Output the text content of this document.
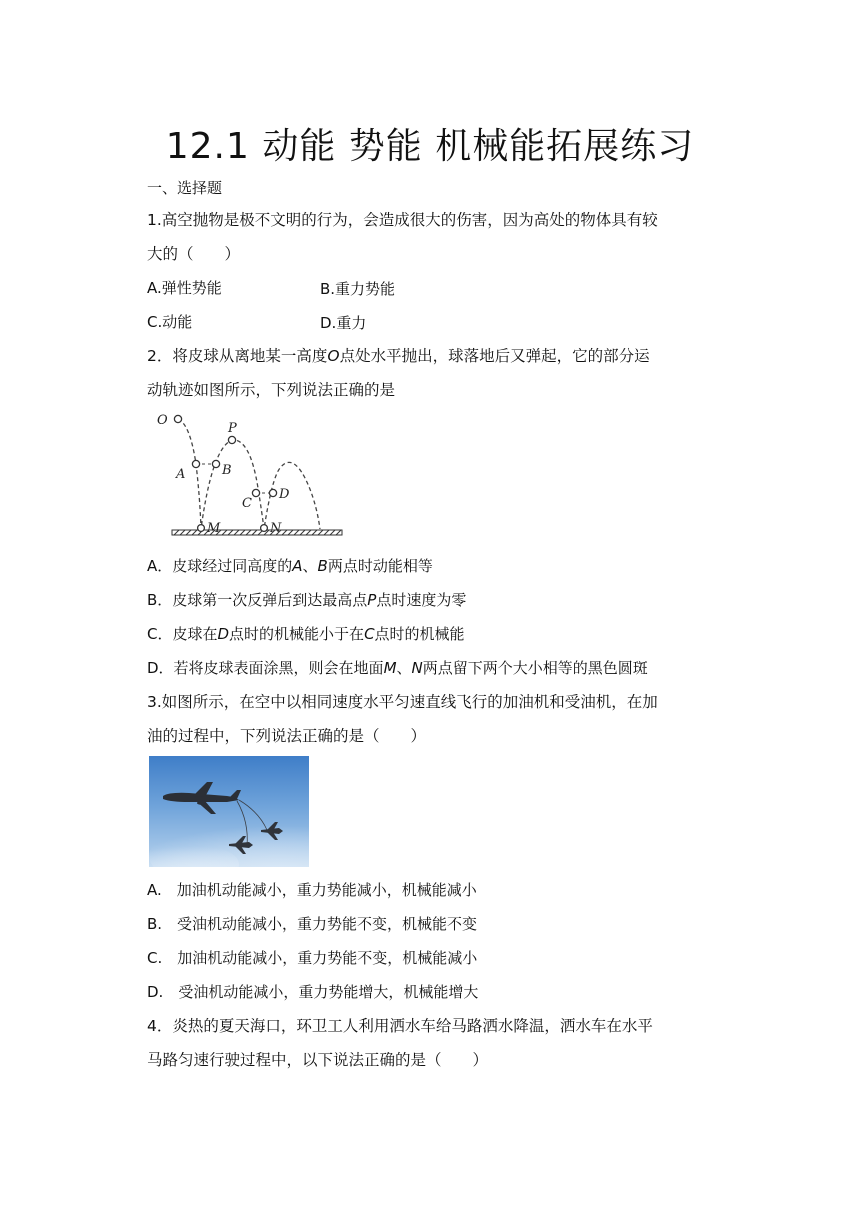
12.1 动能 势能 机械能拓展练习
一、选择题
1.高空抛物是极不文明的行为，会造成很大的伤害，因为高处的物体具有较
大的（　　）
A.弹性势能	B.重力势能
C.动能	D.重力
2．将皮球从离地某一高度O点处水平抛出，球落地后又弹起，它的部分运
动轨迹如图所示，下列说法正确的是
O
P
A	B
C
D
M	N
A．皮球经过同高度的A、B两点时动能相等
B．皮球第一次反弹后到达最高点P点时速度为零
C．皮球在D点时的机械能小于在C点时的机械能
D．若将皮球表面涂黑，则会在地面M、N两点留下两个大小相等的黑色圆斑
3.如图所示，在空中以相同速度水平匀速直线飞行的加油机和受油机，在加
油的过程中，下列说法正确的是（　　）
A.　加油机动能减小，重力势能减小，机械能减小
B.　受油机动能减小，重力势能不变，机械能不变
C.　加油机动能减小，重力势能不变，机械能减小
D.　受油机动能减小，重力势能增大，机械能增大
4．炎热的夏天海口，环卫工人利用洒水车给马路洒水降温，洒水车在水平
马路匀速行驶过程中，以下说法正确的是（　　）
